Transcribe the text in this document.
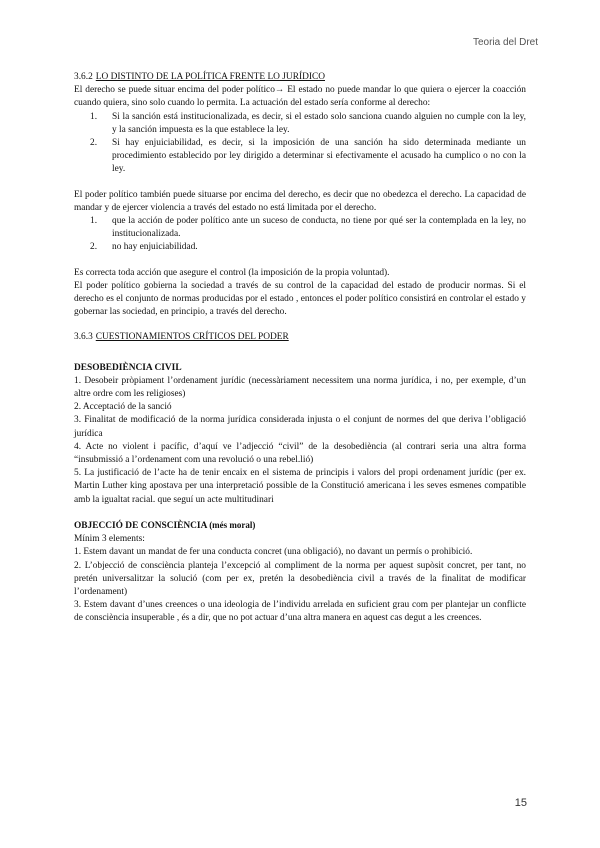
Teoria del Dret

3.6.2 LO DISTINTO DE LA POLÍTICA FRENTE LO JURÍDICO

El derecho se puede situar encima del poder político→ El estado no puede mandar lo que quiera o ejercer la coacción cuando quiera, sino solo cuando lo permita. La actuación del estado sería conforme al derecho:

1. Si la sanción está institucionalizada, es decir, si el estado solo sanciona cuando alguien no cumple con la ley, y la sanción impuesta es la que establece la ley.
2. Si hay enjuiciabilidad, es decir, si la imposición de una sanción ha sido determinada mediante un procedimiento establecido por ley dirigido a determinar si efectivamente el acusado ha cumplico o no con la ley.

El poder político también puede situarse por encima del derecho, es decir que no obedezca el derecho. La capacidad de mandar y de ejercer violencia a través del estado no está limitada por el derecho.

1. que la acción de poder político ante un suceso de conducta, no tiene por qué ser la contemplada en la ley, no institucionalizada.
2. no hay enjuiciabilidad.

Es correcta toda acción que asegure el control (la imposición de la propia voluntad).

El poder político gobierna la sociedad a través de su control de la capacidad del estado de producir normas. Si el derecho es el conjunto de normas producidas por el estado , entonces el poder político consistirá en controlar el estado y gobernar las sociedad, en principio, a través del derecho.

3.6.3 CUESTIONAMIENTOS CRÍTICOS DEL PODER

DESOBEDIÈNCIA CIVIL

1. Desobeir pròpiament l’ordenament jurídic (necessàriament necessitem una norma jurídica, i no, per exemple, d’un altre ordre com les religioses)

2. Acceptació de la sanció

3. Finalitat de modificació de la norma jurídica considerada injusta o el conjunt de normes del que deriva l’obligació jurídica

4. Acte no violent i pacífic, d’aquí ve l’adjecció “civil” de la desobediència (al contrari seria una altra forma “insubmissió a l’ordenament com una revolució o una rebel.lió)

5. La justificació de l’acte ha de tenir encaix en el sistema de principis i valors del propi ordenament jurídic (per ex. Martin Luther king apostava per una interpretació possible de la Constitució americana i les seves esmenes compatible amb la igualtat racial. que seguí un acte multitudinari

OBJECCIÓ DE CONSCIÈNCIA (més moral)

Mínim 3 elements:

1. Estem davant un mandat de fer una conducta concret (una obligació), no davant un permís o prohibició.

2. L’objecció de consciència planteja l’excepció al compliment de la norma per aquest supòsit concret, per tant, no pretén universalitzar la solució (com per ex, pretén la desobediència civil a través de la finalitat de modificar l’ordenament)

3. Estem davant d’unes creences o una ideologia de l’individu arrelada en suficient grau com per plantejar un conflicte de consciència insuperable , és a dir, que no pot actuar d’una altra manera en aquest cas degut a les creences.

15
